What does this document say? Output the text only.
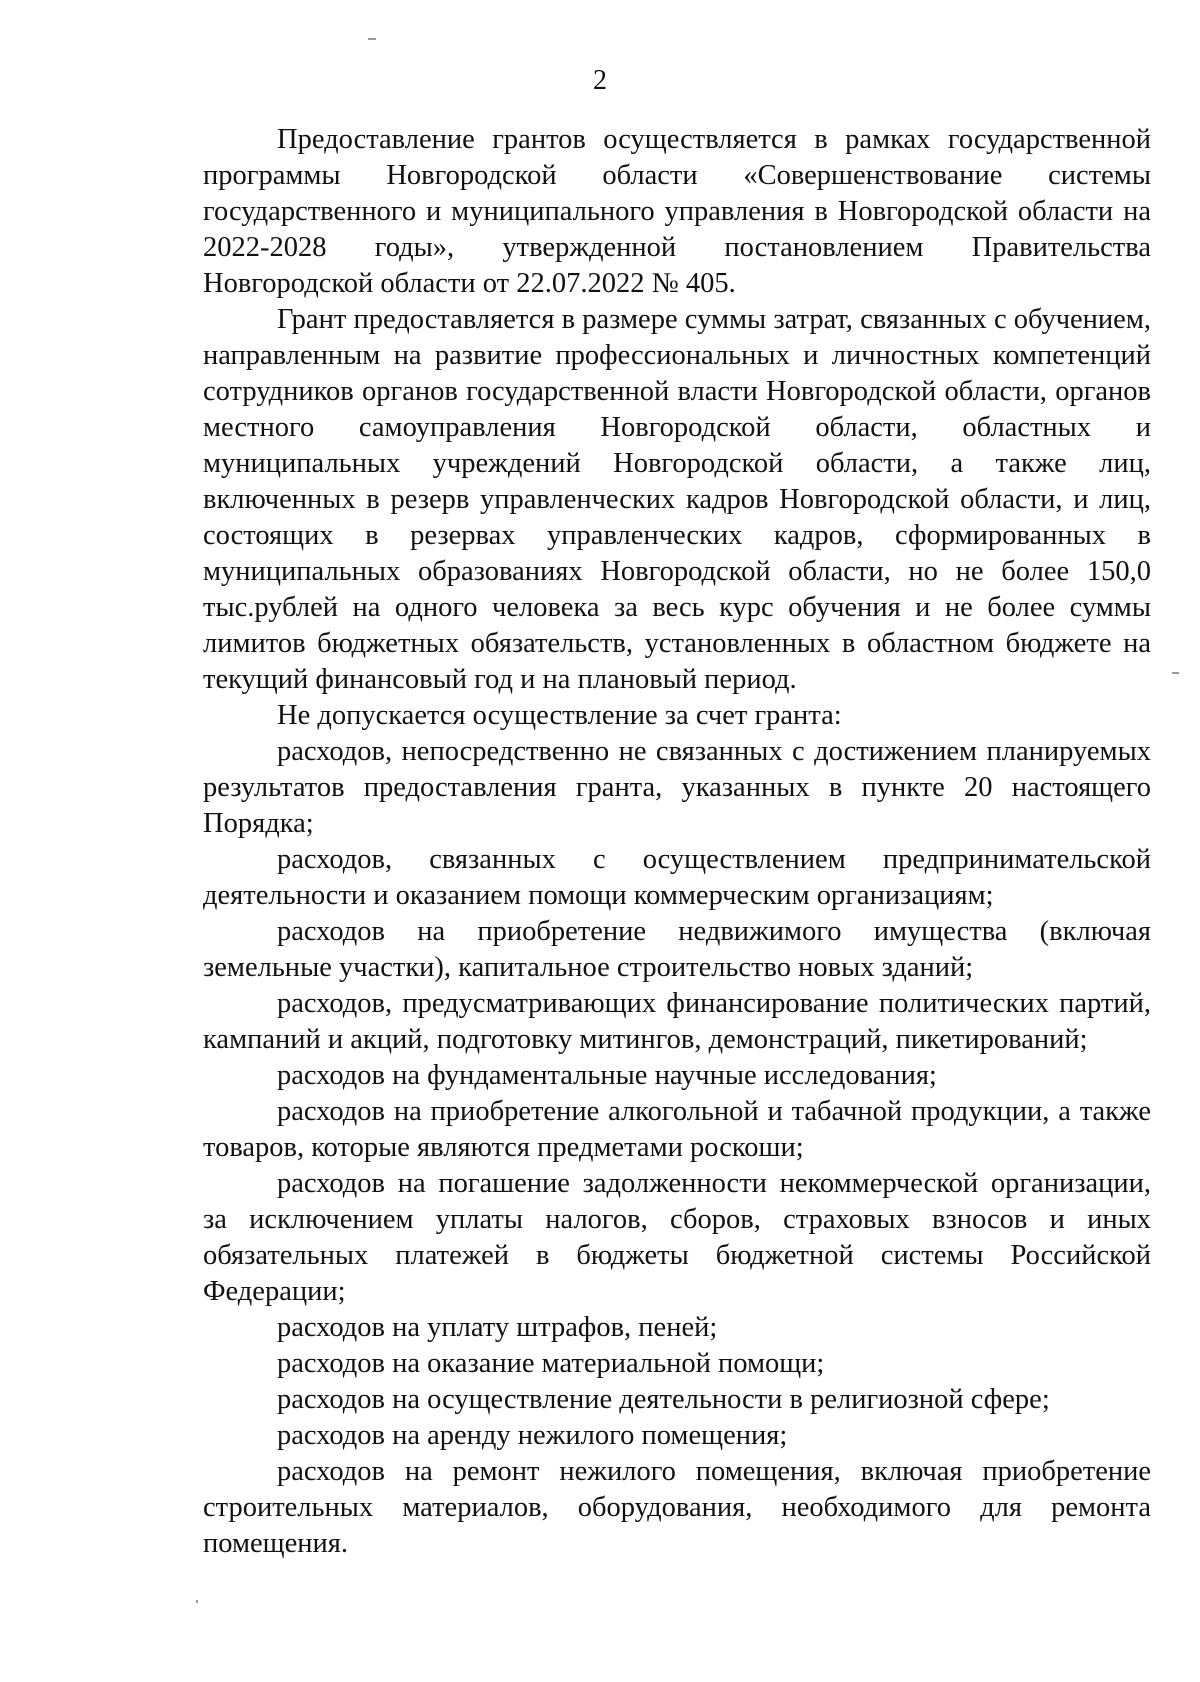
2

Предоставление грантов осуществляется в рамках государственной программы Новгородской области «Совершенствование системы государственного и муниципального управления в Новгородской области на 2022-2028 годы», утвержденной постановлением Правительства Новгородской области от 22.07.2022 № 405.

Грант предоставляется в размере суммы затрат, связанных с обучением, направленным на развитие профессиональных и личностных компетенций сотрудников органов государственной власти Новгородской области, органов местного самоуправления Новгородской области, областных и муниципальных учреждений Новгородской области, а также лиц, включенных в резерв управленческих кадров Новгородской области, и лиц, состоящих в резервах управленческих кадров, сформированных в муниципальных образованиях Новгородской области, но не более 150,0 тыс.рублей на одного человека за весь курс обучения и не более суммы лимитов бюджетных обязательств, установленных в областном бюджете на текущий финансовый год и на плановый период.

Не допускается осуществление за счет гранта:

расходов, непосредственно не связанных с достижением планируемых результатов предоставления гранта, указанных в пункте 20 настоящего Порядка;

расходов, связанных с осуществлением предпринимательской деятельности и оказанием помощи коммерческим организациям;

расходов на приобретение недвижимого имущества (включая земельные участки), капитальное строительство новых зданий;

расходов, предусматривающих финансирование политических партий, кампаний и акций, подготовку митингов, демонстраций, пикетирований;

расходов на фундаментальные научные исследования;

расходов на приобретение алкогольной и табачной продукции, а также товаров, которые являются предметами роскоши;

расходов на погашение задолженности некоммерческой организации, за исключением уплаты налогов, сборов, страховых взносов и иных обязательных платежей в бюджеты бюджетной системы Российской Федерации;

расходов на уплату штрафов, пеней;

расходов на оказание материальной помощи;

расходов на осуществление деятельности в религиозной сфере;

расходов на аренду нежилого помещения;

расходов на ремонт нежилого помещения, включая приобретение строительных материалов, оборудования, необходимого для ремонта помещения.
